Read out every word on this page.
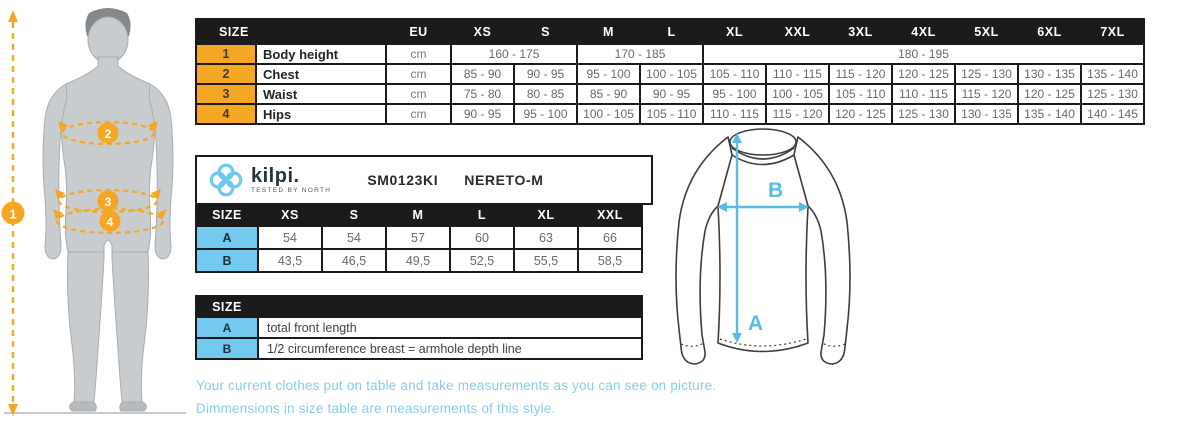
1
2
3
4
SIZE		EU	XS	S	M	L	XL	XXL	3XL	4XL	5XL	6XL	7XL
1	Body height	cm	160 - 175		170 - 185		180 - 195						
2	Chest	cm	85 - 90	90 - 95	95 - 100	100 - 105	105 - 110	110 - 115	115 - 120	120 - 125	125 - 130	130 - 135	135 - 140
3	Waist	cm	75 - 80	80 - 85	85 - 90	90 - 95	95 - 100	100 - 105	105 - 110	110 - 115	115 - 120	120 - 125	125 - 130
4	Hips	cm	90 - 95	95 - 100	100 - 105	105 - 110	110 - 115	115 - 120	120 - 125	125 - 130	130 - 135	135 - 140	140 - 145
kilpi.
TESTED BY NORTH
SM0123KI NERETO-M
SIZE	XS	S	M	L	XL	XXL
A	54	54	57	60	63	66
B	43,5	46,5	49,5	52,5	55,5	58,5
SIZE	
A	total front length
B	1/2 circumference breast = armhole depth line
B
A
Your current clothes put on table and take measurements as you can see on picture.
Dimmensions in size table are measurements of this style.
